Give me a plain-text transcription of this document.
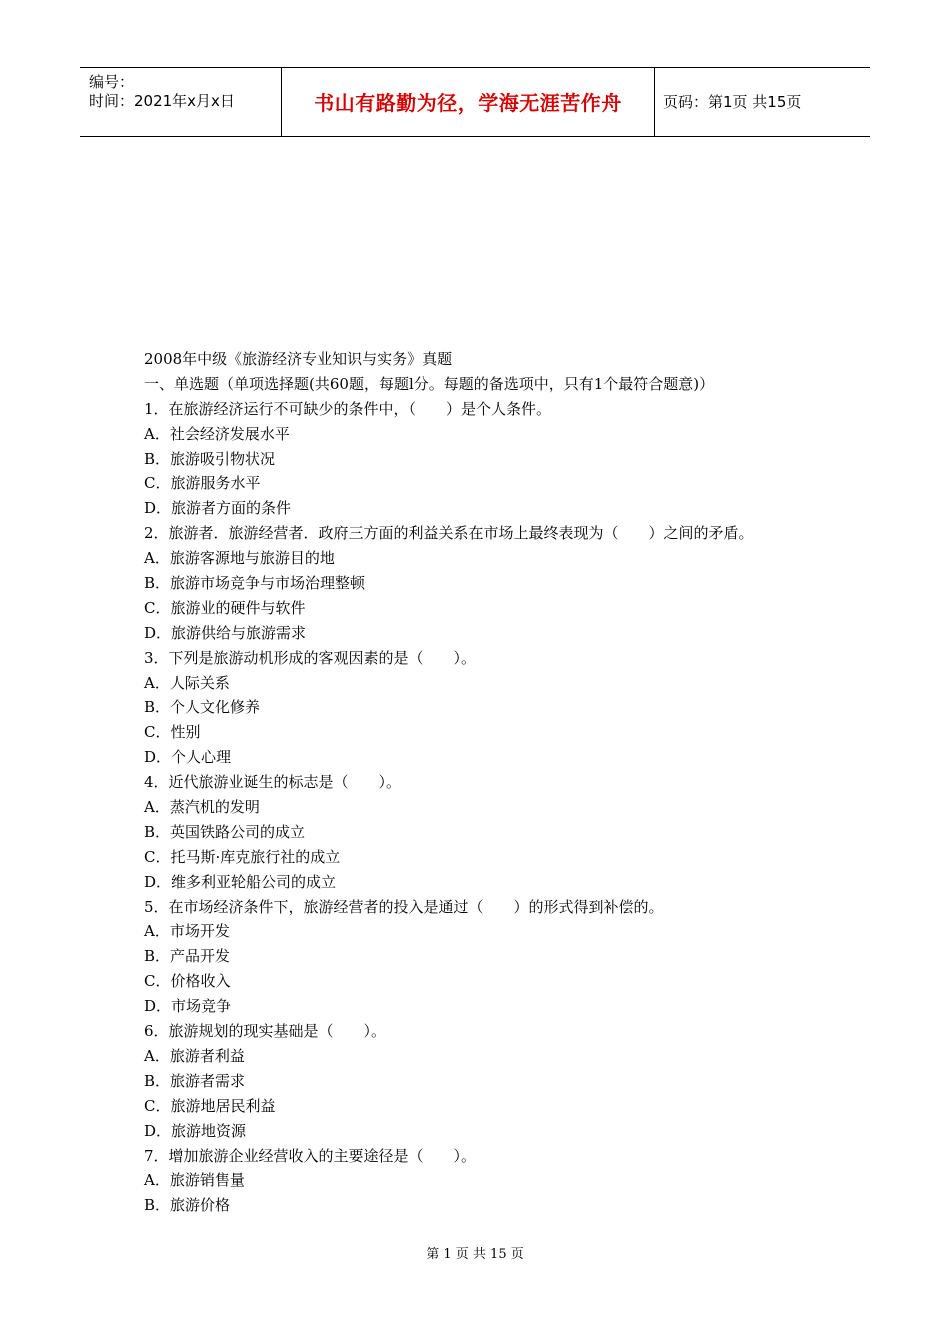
编号：
时间：2021年x月x日	书山有路勤为径，学海无涯苦作舟	页码：第1页 共15页
2008年中级《旅游经济专业知识与实务》真题
一、单选题（单项选择题(共60题，每题l分。每题的备选项中，只有1个最符合题意)）
1．在旅游经济运行不可缺少的条件中，（　　）是个人条件。
A．社会经济发展水平
B．旅游吸引物状况
C．旅游服务水平
D．旅游者方面的条件
2．旅游者．旅游经营者．政府三方面的利益关系在市场上最终表现为（　　）之间的矛盾。
A．旅游客源地与旅游目的地
B．旅游市场竞争与市场治理整顿
C．旅游业的硬件与软件
D．旅游供给与旅游需求
3．下列是旅游动机形成的客观因素的是（　　）。
A．人际关系
B．个人文化修养
C．性别
D．个人心理
4．近代旅游业诞生的标志是（　　）。
A．蒸汽机的发明
B．英国铁路公司的成立
C．托马斯·库克旅行社的成立
D．维多利亚轮船公司的成立
5．在市场经济条件下，旅游经营者的投入是通过（　　）的形式得到补偿的。
A．市场开发
B．产品开发
C．价格收入
D．市场竞争
6．旅游规划的现实基础是（　　）。
A．旅游者利益
B．旅游者需求
C．旅游地居民利益
D．旅游地资源
7．增加旅游企业经营收入的主要途径是（　　）。
A．旅游销售量
B．旅游价格
第 1 页 共 15 页
